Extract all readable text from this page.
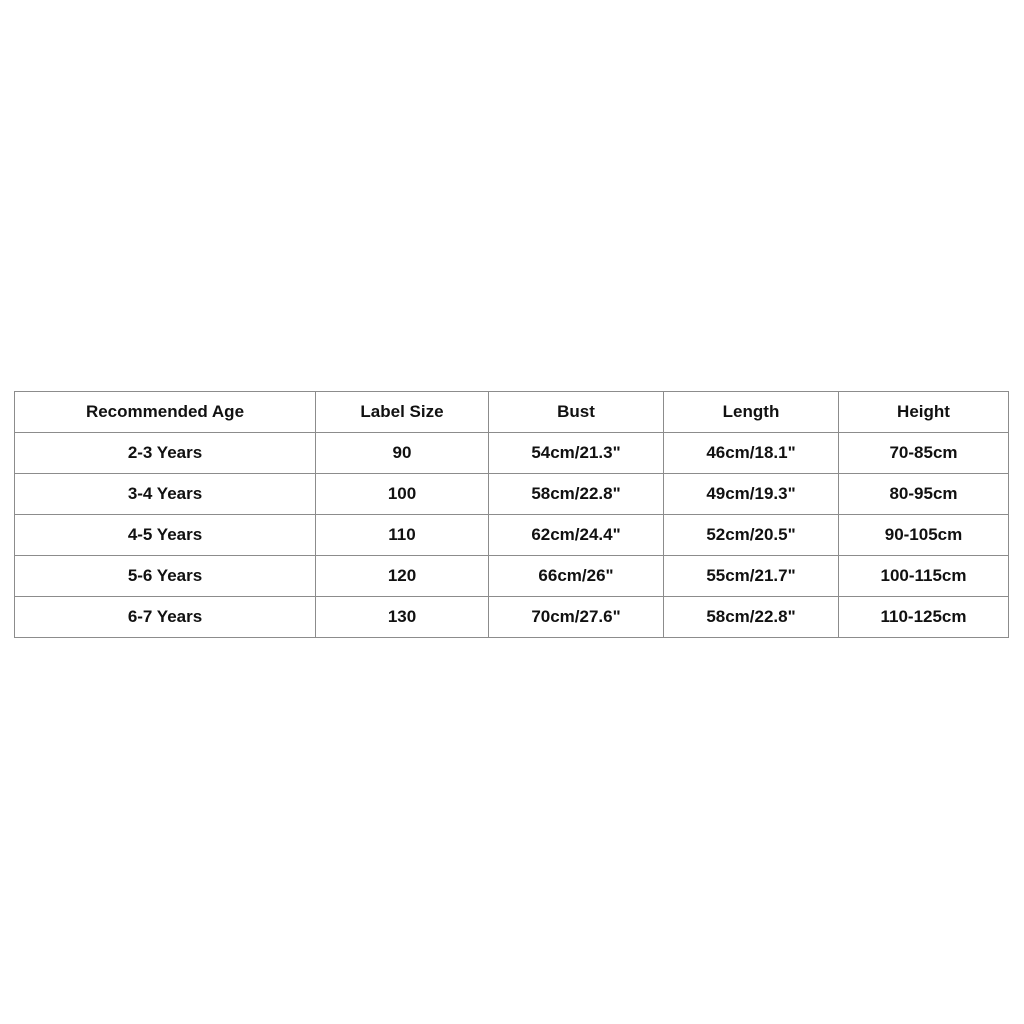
Recommended Age	Label Size	Bust	Length	Height
2-3 Years	90	54cm/21.3"	46cm/18.1"	70-85cm
3-4 Years	100	58cm/22.8"	49cm/19.3"	80-95cm
4-5 Years	110	62cm/24.4"	52cm/20.5"	90-105cm
5-6 Years	120	66cm/26"	55cm/21.7"	100-115cm
6-7 Years	130	70cm/27.6"	58cm/22.8"	110-125cm
